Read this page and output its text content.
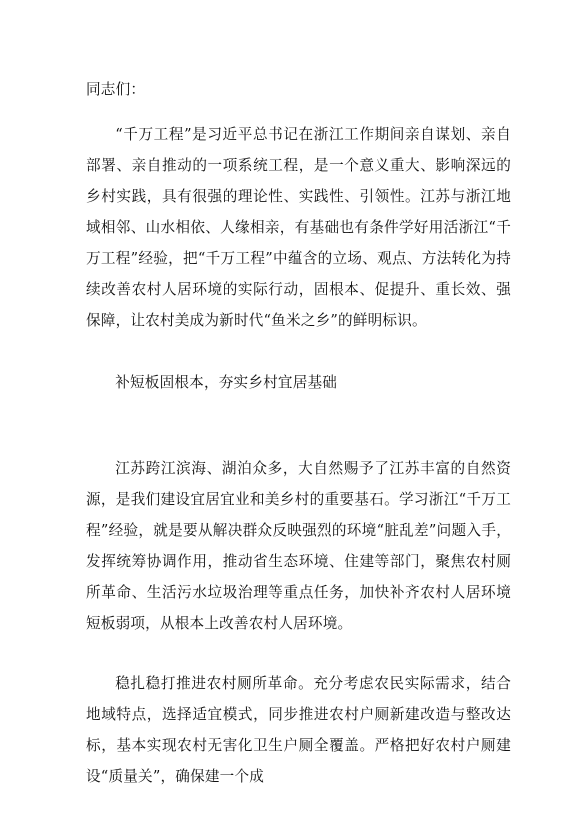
同志们：

“千万工程”是习近平总书记在浙江工作期间亲自谋划、亲自部署、亲自推动的一项系统工程，是一个意义重大、影响深远的乡村实践，具有很强的理论性、实践性、引领性。江苏与浙江地域相邻、山水相依、人缘相亲，有基础也有条件学好用活浙江“千万工程”经验，把“千万工程”中蕴含的立场、观点、方法转化为持续改善农村人居环境的实际行动，固根本、促提升、重长效、强保障，让农村美成为新时代“鱼米之乡”的鲜明标识。

补短板固根本，夯实乡村宜居基础

江苏跨江滨海、湖泊众多，大自然赐予了江苏丰富的自然资源，是我们建设宜居宜业和美乡村的重要基石。学习浙江“千万工程”经验，就是要从解决群众反映强烈的环境“脏乱差”问题入手，发挥统筹协调作用，推动省生态环境、住建等部门，聚焦农村厕所革命、生活污水垃圾治理等重点任务，加快补齐农村人居环境短板弱项，从根本上改善农村人居环境。

稳扎稳打推进农村厕所革命。充分考虑农民实际需求，结合地域特点，选择适宜模式，同步推进农村户厕新建改造与整改达标，基本实现农村无害化卫生户厕全覆盖。严格把好农村户厕建设“质量关”，确保建一个成
